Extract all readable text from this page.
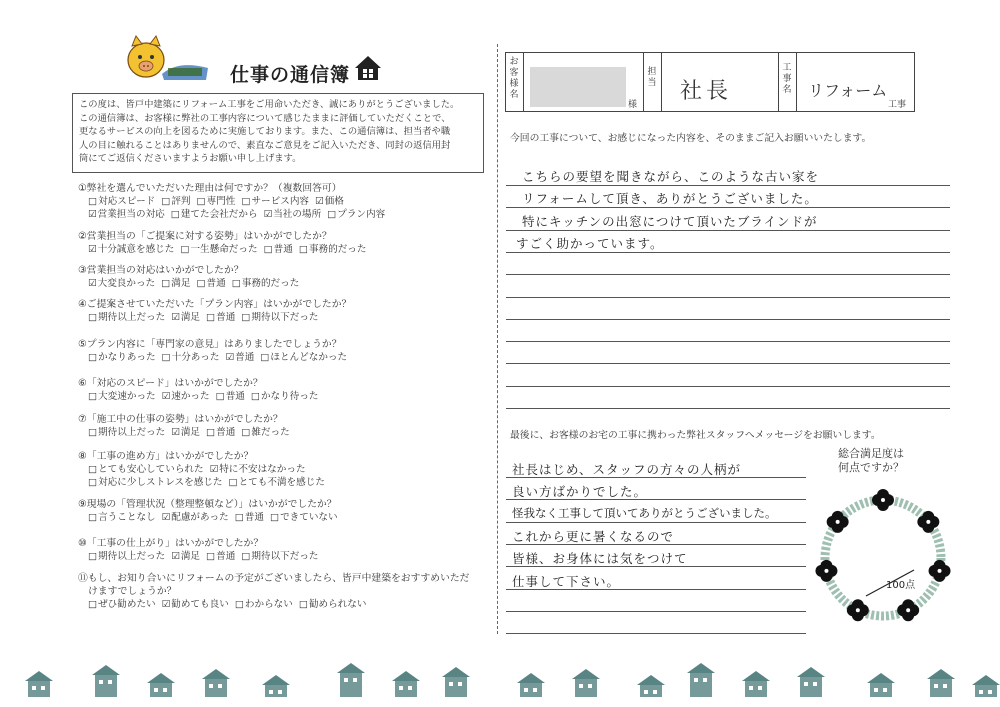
仕事の通信簿
この度は、皆戸中建築にリフォーム工事をご用命いただき、誠にありがとうございました。
この通信簿は、お客様に弊社の工事内容について感じたままに評価していただくことで、
更なるサービスの向上を図るために実施しております。また、この通信簿は、担当者や職
人の目に触れることはありませんので、素直なご意見をご記入いただき、同封の返信用封
筒にてご返信くださいますようお願い申し上げます。
①弊社を選んでいただいた理由は何ですか？（複数回答可）
□対応スピード □評判 □専門性 □サービス内容 ☑価格
☑営業担当の対応 □建てた会社だから ☑当社の場所 □プラン内容
②営業担当の「ご提案に対する姿勢」はいかがでしたか？
☑十分誠意を感じた □一生懸命だった □普通 □事務的だった
③営業担当の対応はいかがでしたか？
☑大変良かった □満足 □普通 □事務的だった
④ご提案させていただいた「プラン内容」はいかがでしたか？
□期待以上だった ☑満足 □普通 □期待以下だった
⑤プラン内容に「専門家の意見」はありましたでしょうか？
□かなりあった □十分あった ☑普通 □ほとんどなかった
⑥「対応のスピード」はいかがでしたか？
□大変速かった ☑速かった □普通 □かなり待った
⑦「施工中の仕事の姿勢」はいかがでしたか？
□期待以上だった ☑満足 □普通 □雑だった
⑧「工事の進め方」はいかがでしたか？
□とても安心していられた ☑特に不安はなかった
□対応に少しストレスを感じた □とても不満を感じた
⑨現場の「管理状況（整理整頓など）」はいかがでしたか？
□言うことなし ☑配慮があった □普通 □できていない
⑩「工事の仕上がり」はいかがでしたか？
□期待以上だった ☑満足 □普通 □期待以下だった
⑪もし、お知り合いにリフォームの予定がございましたら、皆戸中建築をおすすめいただ
けますでしょうか？
□ぜひ勧めたい ☑勧めても良い □わからない □勧められない
お客様名
担当
工事名
様
社長	リフォーム
工事
今回の工事について、お感じになった内容を、そのままご記入お願いいたします。
こちらの要望を聞きながら、このような古い家を
リフォームして頂き、ありがとうございました。
特にキッチンの出窓につけて頂いたブラインドが
すごく助かっています。
最後に、お客様のお宅の工事に携わった弊社スタッフへメッセージをお願いします。
社長はじめ、スタッフの方々の人柄が
良い方ばかりでした。
怪我なく工事して頂いてありがとうございました。
これから更に暑くなるので
皆様、お身体には気をつけて
仕事して下さい。
総合満足度は
何点ですか？
100点
